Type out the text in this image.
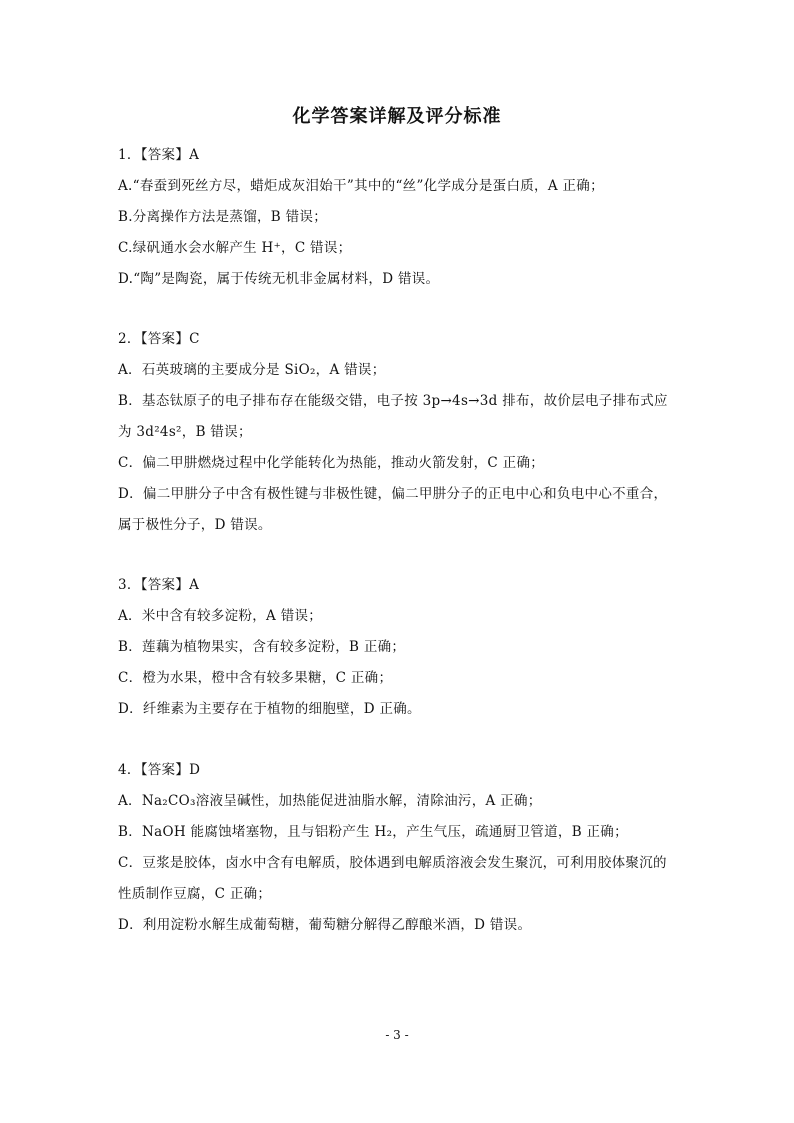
化学答案详解及评分标准
1．【答案】A
A.“春蚕到死丝方尽，蜡炬成灰泪始干”其中的“丝”化学成分是蛋白质，A 正确；
B.分离操作方法是蒸馏，B 错误；
C.绿矾通水会水解产生 H⁺，C 错误；
D.“陶”是陶瓷，属于传统无机非金属材料，D 错误。
2．【答案】C
A．石英玻璃的主要成分是 SiO₂，A 错误；
B．基态钛原子的电子排布存在能级交错，电子按 3p→4s→3d 排布，故价层电子排布式应
为 3d²4s²，B 错误；
C．偏二甲肼燃烧过程中化学能转化为热能，推动火箭发射，C 正确；
D．偏二甲肼分子中含有极性键与非极性键，偏二甲肼分子的正电中心和负电中心不重合，
属于极性分子，D 错误。
3．【答案】A
A．米中含有较多淀粉，A 错误；
B．莲藕为植物果实，含有较多淀粉，B 正确；
C．橙为水果，橙中含有较多果糖，C 正确；
D．纤维素为主要存在于植物的细胞壁，D 正确。
4．【答案】D
A．Na₂CO₃溶液呈碱性，加热能促进油脂水解，清除油污，A 正确；
B．NaOH 能腐蚀堵塞物，且与铝粉产生 H₂，产生气压，疏通厨卫管道，B 正确；
C．豆浆是胶体，卤水中含有电解质，胶体遇到电解质溶液会发生聚沉，可利用胶体聚沉的
性质制作豆腐，C 正确；
D．利用淀粉水解生成葡萄糖，葡萄糖分解得乙醇酿米酒，D 错误。
- 3 -
